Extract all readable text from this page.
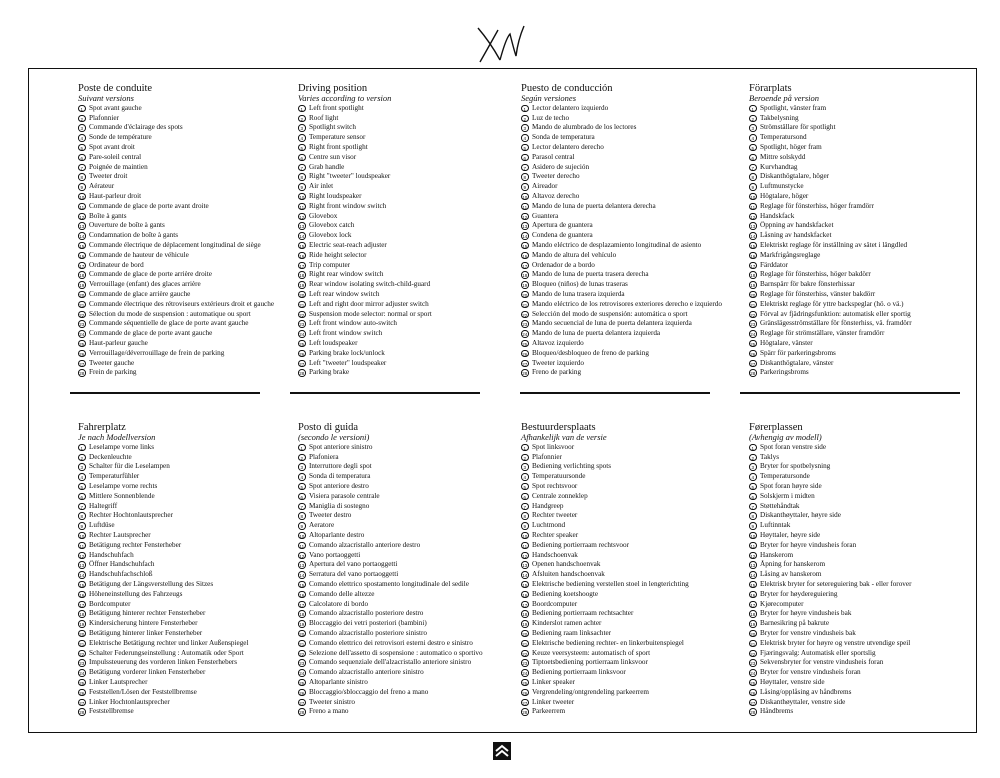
Poste de conduite
Suivant versions
1 Spot avant gauche
2 Plafonnier
3 Commande d'éclairage des spots
4 Sonde de température
5 Spot avant droit
6 Pare-soleil central
7 Poignée de maintien
8 Tweeter droit
9 Aérateur
10 Haut-parleur droit
11 Commande de glace de porte avant droite
12 Boîte à gants
13 Ouverture de boîte à gants
14 Condamnation de boîte à gants
15 Commande électrique de déplacement longitudinal de siège
16 Commande de hauteur de véhicule
17 Ordinateur de bord
18 Commande de glace de porte arrière droite
19 Verrouillage (enfant) des glaces arrière
20 Commande de glace arrière gauche
21 Commande électrique des rétroviseurs extérieurs droit et gauche
22 Sélection du mode de suspension : automatique ou sport
23 Commande séquentielle de glace de porte avant gauche
24 Commande de glace de porte avant gauche
25 Haut-parleur gauche
26 Verrouillage/déverrouillage de frein de parking
27 Tweeter gauche
28 Frein de parking
Driving position
Varies according to version
1 Left front spotlight
2 Roof light
3 Spotlight switch
4 Temperature sensor
5 Right front spotlight
6 Centre sun visor
7 Grab handle
8 Right "tweeter" loudspeaker
9 Air inlet
10 Right loudspeaker
11 Right front window switch
12 Glovebox
13 Glovebox catch
14 Glovebox lock
15 Electric seat-reach adjuster
16 Ride height selector
17 Trip computer
18 Right rear window switch
19 Rear window isolating switch-child-guard
20 Left rear window switch
21 Left and right door mirror adjuster switch
22 Suspension mode selector: normal or sport
23 Left front window auto-switch
24 Left front window switch
25 Left loudspeaker
26 Parking brake lock/unlock
27 Left "tweeter" loudspeaker
28 Parking brake
Puesto de conducción
Según versiones
1 Lector delantero izquierdo
2 Luz de techo
3 Mando de alumbrado de los lectores
4 Sonda de temperatura
5 Lector delantero derecho
6 Parasol central
7 Asidero de sujeción
8 Tweeter derecho
9 Aireador
10 Altavoz derecho
11 Mando de luna de puerta delantera derecha
12 Guantera
13 Apertura de guantera
14 Condena de guantera
15 Mando eléctrico de desplazamiento longitudinal de asiento
16 Mando de altura del vehículo
17 Ordenador de a bordo
18 Mando de luna de puerta trasera derecha
19 Bloqueo (niños) de lunas traseras
20 Mando de luna trasera izquierda
21 Mando eléctrico de los retrovisores exteriores derecho e izquierdo
22 Selección del modo de suspensión: automática o sport
23 Mando secuencial de luna de puerta delantera izquierda
24 Mando de luna de puerta delantera izquierda
25 Altavoz izquierdo
26 Bloqueo/desbloqueo de freno de parking
27 Tweeter izquierdo
28 Freno de parking
Förarplats
Beroende på version
1 Spotlight, vänster fram
2 Takbelysning
3 Strömställare för spotlight
4 Temperatursond
5 Spotlight, höger fram
6 Mittre solskydd
7 Kurvhandtag
8 Diskanthögtalare, höger
9 Luftmunstycke
10 Högtalare, höger
11 Reglage för fönsterhiss, höger framdörr
12 Handskfack
13 Öppning av handskfacket
14 Låsning av handskfacket
15 Elektriskt reglage för inställning av sätet i längdled
16 Markfrigångsreglage
17 Färddator
18 Reglage för fönsterhiss, höger bakdörr
19 Barnspärr för bakre fönsterhissar
20 Reglage för fönsterhiss, vänster bakdörr
21 Elektriskt reglage för yttre backspeglar (hö. o vä.)
22 Förval av fjädringsfunktion: automatisk eller sportig
23 Gränslägesströmställare för fönsterhiss, vä. framdörr
24 Reglage för strömställare, vänster framdörr
25 Högtalare, vänster
26 Spärr för parkeringsbroms
27 Diskanthögtalare, vänster
28 Parkeringsbroms
Fahrerplatz
Je nach Modellversion
1 Leselampe vorne links
2 Deckenleuchte
3 Schalter für die Leselampen
4 Temperaturfühler
5 Leselampe vorne rechts
6 Mittlere Sonnenblende
7 Haltegriff
8 Rechter Hochtonlautsprecher
9 Luftdüse
10 Rechter Lautsprecher
11 Betätigung rechter Fensterheber
12 Handschuhfach
13 Öffner Handschuhfach
14 Handschuhfachschloß
15 Betätigung der Längsverstellung des Sitzes
16 Höheneinstellung des Fahrzeugs
17 Bordcomputer
18 Betätigung hinterer rechter Fensterheber
19 Kindersicherung hintere Fensterheber
20 Betätigung hinterer linker Fensterheber
21 Elektrische Betätigung rechter und linker Außenspiegel
22 Schalter Federungseinstellung : Automatik oder Sport
23 Impulssteuerung des vorderen linken Fensterhebers
24 Betätigung vorderer linken Fensterheber
25 Linker Lautsprecher
26 Feststellen/Lösen der Feststellbremse
27 Linker Hochtonlautsprecher
28 Feststellbremse
Posto di guida
(secondo le versioni)
1 Spot anteriore sinistro
2 Plafoniera
3 Interruttore degli spot
4 Sonda di temperatura
5 Spot anteriore destro
6 Visiera parasole centrale
7 Maniglia di sostegno
8 Tweeter destro
9 Aeratore
10 Altoparlante destro
11 Comando alzacristallo anteriore destro
12 Vano portaoggetti
13 Apertura del vano portaoggetti
14 Serratura del vano portaoggetti
15 Comando elettrico spostamento longitudinale del sedile
16 Comando delle altezze
17 Calcolatore di bordo
18 Comando alzacristallo posteriore destro
19 Bloccaggio dei vetri posteriori (bambini)
20 Comando alzacristallo posteriore sinistro
21 Comando elettrico dei retrovisori esterni destro e sinistro
22 Selezione dell'assetto di sospensione : automatico o sportivo
23 Comando sequenziale dell'alzacristallo anteriore sinistro
24 Comando alzacristallo anteriore sinistro
25 Altoparlante sinistro
26 Bloccaggio/sbloccaggio del freno a mano
27 Tweeter sinistro
28 Freno a mano
Bestuurdersplaats
Afhankelijk van de versie
1 Spot linksvoor
2 Plafonnier
3 Bediening verlichting spots
4 Temperatuursonde
5 Spot rechtsvoor
6 Centrale zonneklep
7 Handgreep
8 Rechter tweeter
9 Luchtmond
10 Rechter speaker
11 Bediening portierraam rechtsvoor
12 Handschoenvak
13 Openen handschoenvak
14 Afsluiten handschoenvak
15 Elektrische bediening verstellen stoel in lengterichting
16 Bediening koetshoogte
17 Boordcomputer
18 Bediening portierraam rechtsachter
19 Kinderslot ramen achter
20 Bediening raam linksachter
21 Elektrische bediening rechter- en linkerbuitenspiegel
22 Keuze veersysteem: automatisch of sport
23 Tiptoetsbediening portierraam linksvoor
24 Bediening portierraam linksvoor
25 Linker speaker
26 Vergrendeling/ontgrendeling parkeerrem
27 Linker tweeter
28 Parkeerrem
Førerplassen
(Avhengig av modell)
1 Spot foran venstre side
2 Taklys
3 Bryter for spotbelysning
4 Temperatursonde
5 Spot foran høyre side
6 Solskjerm i midten
7 Støttehåndtak
8 Diskanthøyttaler, høyre side
9 Luftinntak
10 Høyttaler, høyre side
11 Bryter for høyre vindusheis foran
12 Hanskerom
13 Åpning for hanskerom
14 Låsing av hanskerom
15 Elektrisk bryter for setereguiering bak - eller forover
16 Bryter for høydereguiering
17 Kjørecomputer
18 Bryter for høyre vindusheis bak
19 Barnesikring på bakrute
20 Bryter for venstre vindusheis bak
21 Elektrisk bryter for høyre og venstre utvendige speil
22 Fjæringsvalg: Automatisk eller sportslig
23 Sekvensbryter for venstre vindusheis foran
24 Bryter for venstre vindusheis foran
25 Høyttaler, venstre side
26 Låsing/opplåsing av håndbrems
27 Diskanthøyttaler, venstre side
28 Håndbrems
